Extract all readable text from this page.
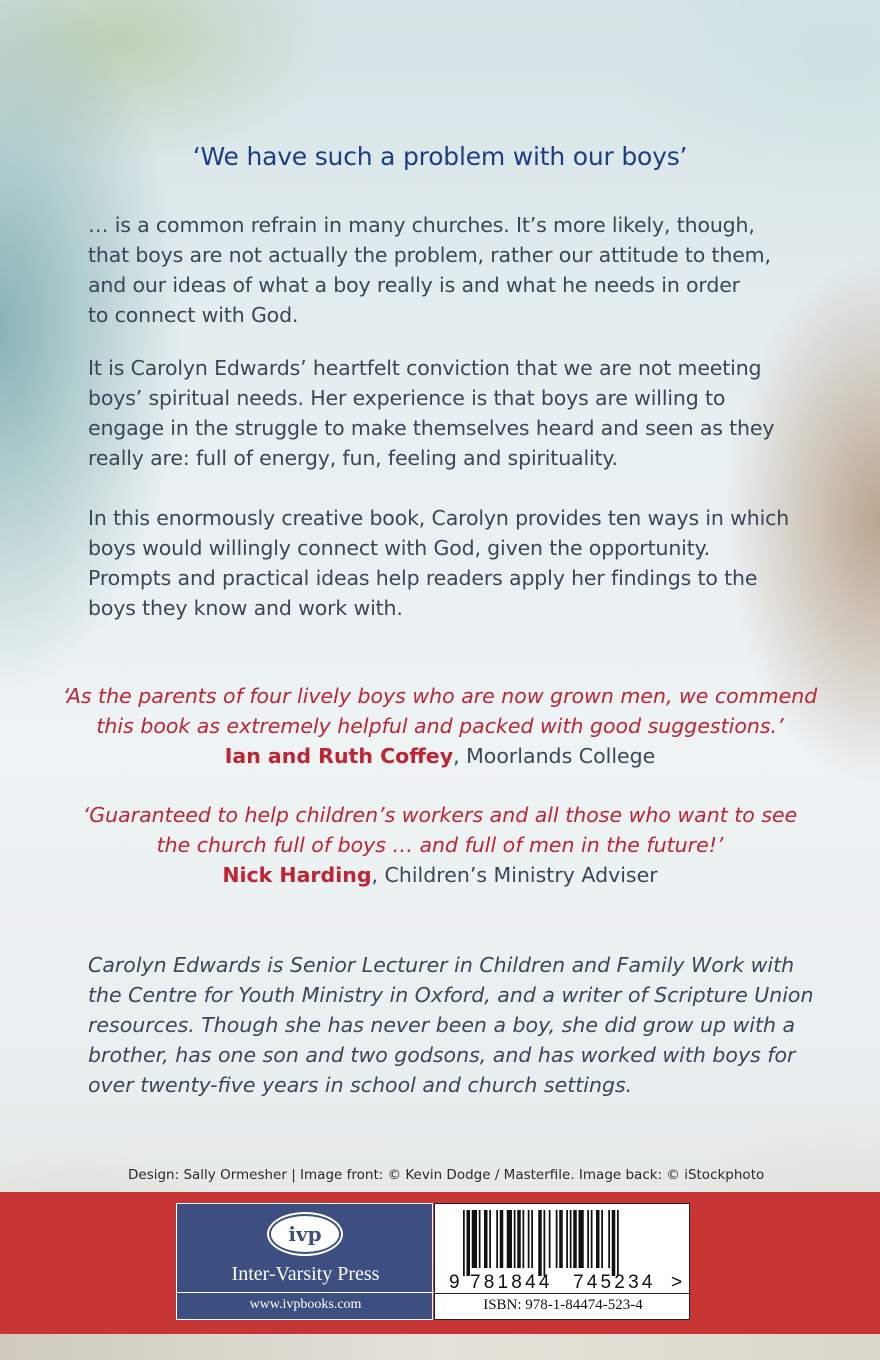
‘We have such a problem with our boys’
… is a common refrain in many churches. It’s more likely, though,
that boys are not actually the problem, rather our attitude to them,
and our ideas of what a boy really is and what he needs in order
to connect with God.
It is Carolyn Edwards’ heartfelt conviction that we are not meeting
boys’ spiritual needs. Her experience is that boys are willing to
engage in the struggle to make themselves heard and seen as they
really are: full of energy, fun, feeling and spirituality.
In this enormously creative book, Carolyn provides ten ways in which
boys would willingly connect with God, given the opportunity.
Prompts and practical ideas help readers apply her findings to the
boys they know and work with.
‘As the parents of four lively boys who are now grown men, we commend
this book as extremely helpful and packed with good suggestions.’
Ian and Ruth Coffey, Moorlands College
‘Guaranteed to help children’s workers and all those who want to see
the church full of boys … and full of men in the future!’
Nick Harding, Children’s Ministry Adviser
Carolyn Edwards is Senior Lecturer in Children and Family Work with
the Centre for Youth Ministry in Oxford, and a writer of Scripture Union
resources. Though she has never been a boy, she did grow up with a
brother, has one son and two godsons, and has worked with boys for
over twenty-five years in school and church settings.
Design: Sally Ormesher | Image front: © Kevin Dodge / Masterfile. Image back: © iStockphoto
ivp
Inter-Varsity Press
www.ivpbooks.com
9 781844 745234 >
ISBN: 978-1-84474-523-4
